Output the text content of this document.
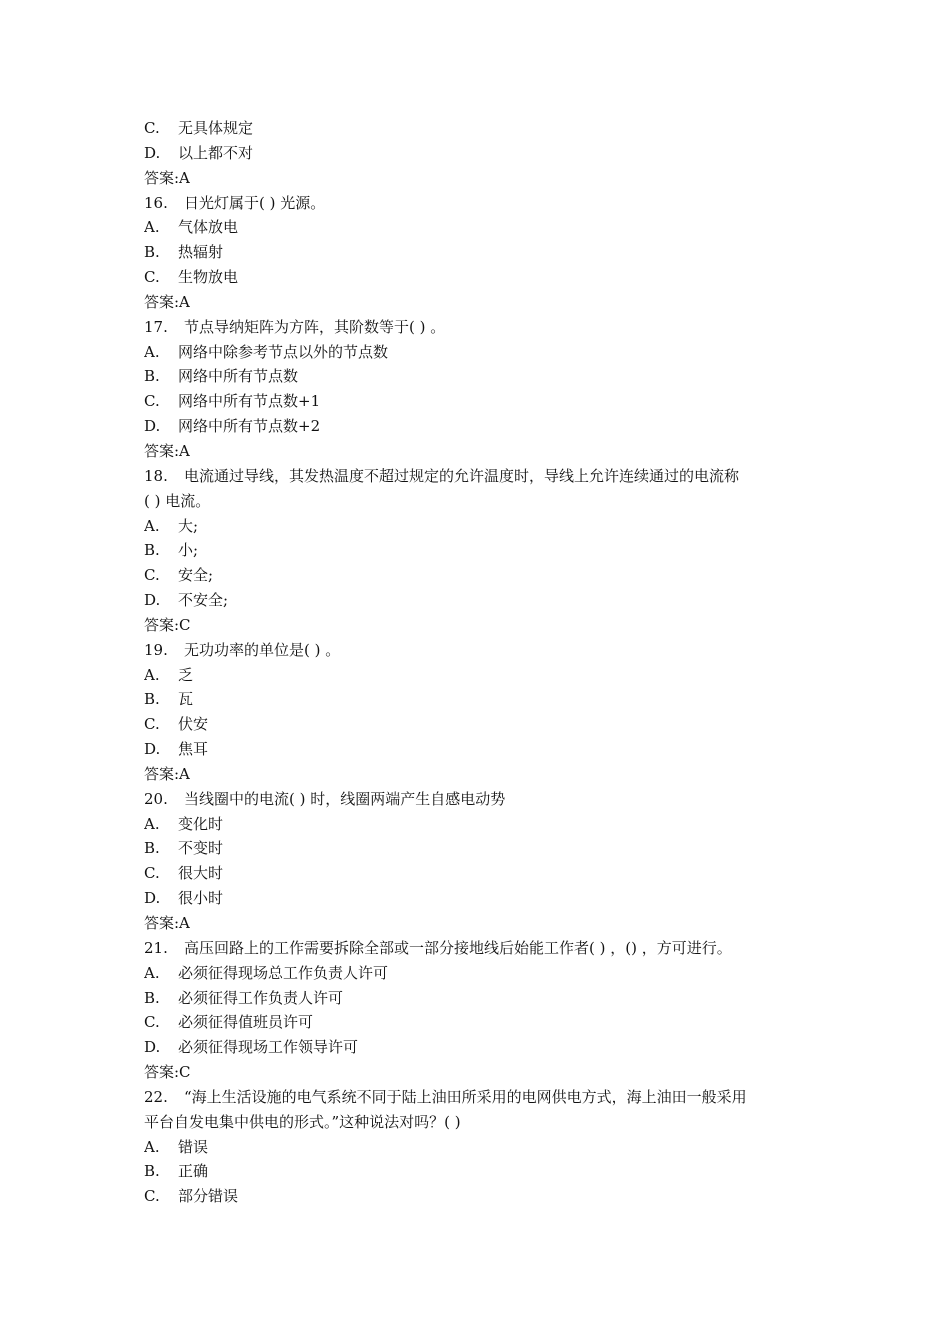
C. 无具体规定
D. 以上都不对
答案:A
16. 日光灯属于( ) 光源。
A. 气体放电
B. 热辐射
C. 生物放电
答案:A
17. 节点导纳矩阵为方阵，其阶数等于( ) 。
A. 网络中除参考节点以外的节点数
B. 网络中所有节点数
C. 网络中所有节点数+1
D. 网络中所有节点数+2
答案:A
18. 电流通过导线，其发热温度不超过规定的允许温度时，导线上允许连续通过的电流称
( ) 电流。
A. 大;
B. 小;
C. 安全;
D. 不安全;
答案:C
19. 无功功率的单位是( ) 。
A. 乏
B. 瓦
C. 伏安
D. 焦耳
答案:A
20. 当线圈中的电流( ) 时，线圈两端产生自感电动势
A. 变化时
B. 不变时
C. 很大时
D. 很小时
答案:A
21. 高压回路上的工作需要拆除全部或一部分接地线后始能工作者( ) ，() ，方可进行。
A. 必须征得现场总工作负责人许可
B. 必须征得工作负责人许可
C. 必须征得值班员许可
D. 必须征得现场工作领导许可
答案:C
22. “海上生活设施的电气系统不同于陆上油田所采用的电网供电方式，海上油田一般采用
平台自发电集中供电的形式。”这种说法对吗？( )
A. 错误
B. 正确
C. 部分错误
